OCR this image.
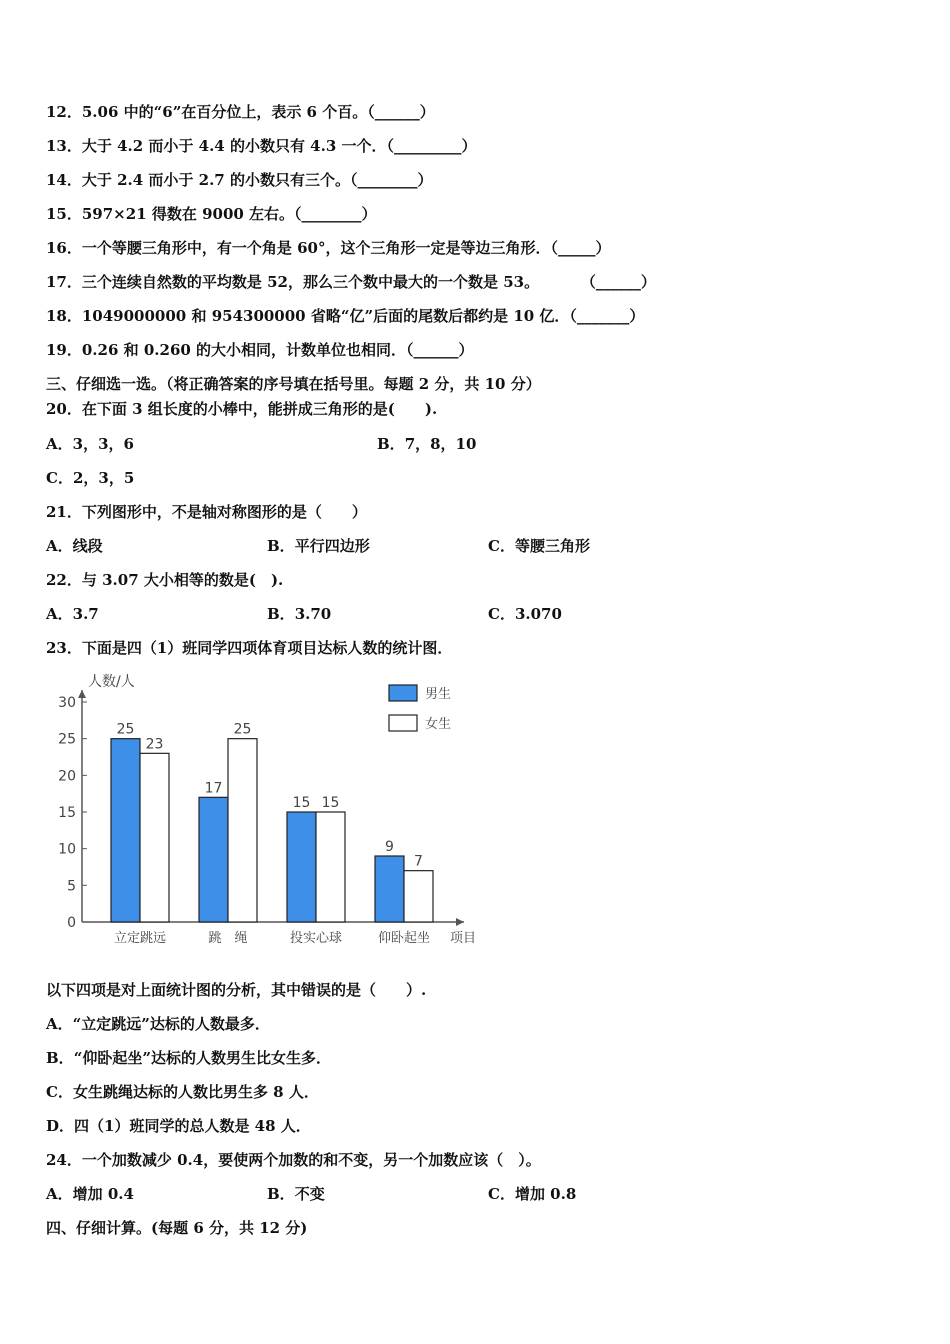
12．5.06 中的“6”在百分位上，表示 6 个百。（______）
13．大于 4.2 而小于 4.4 的小数只有 4.3 一个．（_________）
14．大于 2.4 而小于 2.7 的小数只有三个。（________）
15．597×21 得数在 9000 左右。（________）
16．一个等腰三角形中，有一个角是 60°，这个三角形一定是等边三角形．（_____）
17．三个连续自然数的平均数是 52，那么三个数中最大的一个数是 53。        （______）
18．1049000000 和 954300000 省略“亿”后面的尾数后都约是 10 亿．（_______）
19．0.26 和 0.260 的大小相同，计数单位也相同．（______）
三、仔细选一选。（将正确答案的序号填在括号里。每题 2 分，共 10 分）
20．在下面 3 组长度的小棒中，能拼成三角形的是(　　).
A．3，3，6	B．7，8，10
C．2，3，5
21．下列图形中，不是轴对称图形的是（　　）
A．线段	B．平行四边形	C．等腰三角形
22．与 3.07 大小相等的数是(　).
A．3.7	B．3.70	C．3.070
23．下面是四（1）班同学四项体育项目达标人数的统计图．
0
5
10
15
20
25
30
人数/人
项目
25
23
立定跳远
17
25
跳　绳
15 15
投实心球
9
7
仰卧起坐
男生
女生
以下四项是对上面统计图的分析，其中错误的是（　　）.
A．“立定跳远”达标的人数最多．
B．“仰卧起坐”达标的人数男生比女生多．
C．女生跳绳达标的人数比男生多 8 人．
D．四（1）班同学的总人数是 48 人．
24．一个加数减少 0.4，要使两个加数的和不变，另一个加数应该（　）。
A．增加 0.4	B．不变	C．增加 0.8
四、仔细计算。(每题 6 分，共 12 分)
